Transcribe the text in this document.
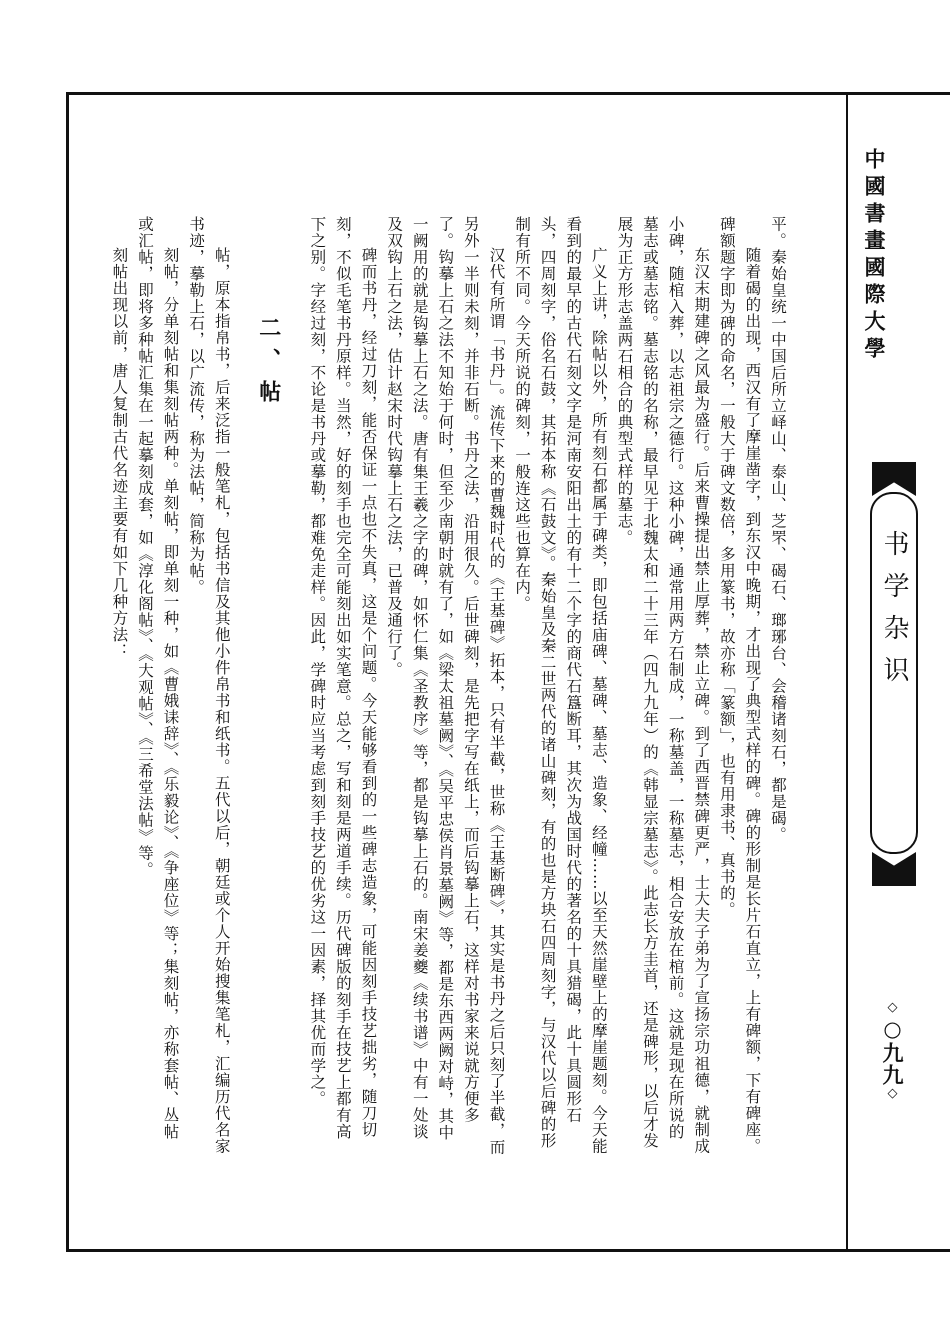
中國書畫國際大學
书学杂识
◇○九九◇

平。秦始皇统一中国后所立峄山、泰山、芝罘、碣石、瑯琊台、会稽诸刻石，都是碣。

随着碣的出现，西汉有了摩崖凿字，到东汉中晚期，才出现了典型式样的碑。碑的形制是长片石直立，上有碑额，下有碑座。碑额题字即为碑的命名，一般大于碑文数倍，多用篆书，故亦称「篆额」，也有用隶书、真书的。

东汉末期建碑之风最为盛行。后来曹操提出禁止厚葬，禁止立碑。到了西晋禁碑更严，士大夫子弟为了宣扬宗功祖德，就制成小碑，随棺入葬，以志祖宗之德行。这种小碑，通常用两方石制成，一称墓盖，一称墓志，相合安放在棺前。这就是现在所说的墓志或墓志铭。墓志铭的名称，最早见于北魏太和二十三年（四九九年）的《韩显宗墓志》。此志长方圭首，还是碑形，以后才发展为正方形志盖两石相合的典型式样的墓志。

广义上讲，除帖以外，所有刻石都属于碑类，即包括庙碑、墓碑、墓志、造象、经幢……以至天然崖壁上的摩崖题刻。今天能看到的最早的古代石刻文字是河南安阳出土的有十二个字的商代石簋断耳，其次为战国时代的著名的十具猎碣，此十具圆形石头，四周刻字，俗名石鼓，其拓本称《石鼓文》。秦始皇及秦二世两代的诸山碑刻，有的也是方块石四周刻字，与汉代以后碑的形制有所不同。今天所说的碑刻，一般连这些也算在内。

汉代有所谓「书丹」。流传下来的曹魏时代的《王基碑》拓本，只有半截，世称《王基断碑》，其实是书丹之后只刻了半截，而另外一半则未刻，并非石断。书丹之法，沿用很久。后世碑刻，是先把字写在纸上，而后钩摹上石，这样对书家来说就方便多了。钩摹上石之法不知始于何时，但至少南朝时就有了，如《梁太祖墓阙》、《吴平忠侯肖景墓阙》等，都是东西两阙对峙，其中一阙用的就是钩摹上石之法。唐有集王羲之字的碑，如怀仁集《圣教序》等，都是钩摹上石的。南宋姜夔《续书谱》中有一处谈及双钩上石之法，估计赵宋时代钩摹上石之法，已普及通行了。

碑而书丹，经过刀刻，能否保证一点也不失真，这是个问题。今天能够看到的一些碑志造象，可能因刻手技艺拙劣，随刀切刻，不似毛笔书丹原样。当然，好的刻手也完全可能刻出如实笔意。总之，写和刻是两道手续。历代碑版的刻手在技艺上都有高下之别。字经过刻，不论是书丹或摹勒，都难免走样。因此，学碑时应当考虑到刻手技艺的优劣这一因素，择其优而学之。

二、帖

帖，原本指帛书，后来泛指一般笔札，包括书信及其他小件帛书和纸书。五代以后，朝廷或个人开始搜集笔札，汇编历代名家书迹，摹勒上石，以广流传，称为法帖，简称为帖。

刻帖，分单刻帖和集刻帖两种。单刻帖，即单刻一种，如《曹娥诔辞》、《乐毅论》、《争座位》等；集刻帖，亦称套帖、丛帖或汇帖，即将多种帖汇集在一起摹刻成套，如《淳化阁帖》、《大观帖》、《三希堂法帖》等。

刻帖出现以前，唐人复制古代名迹主要有如下几种方法：
